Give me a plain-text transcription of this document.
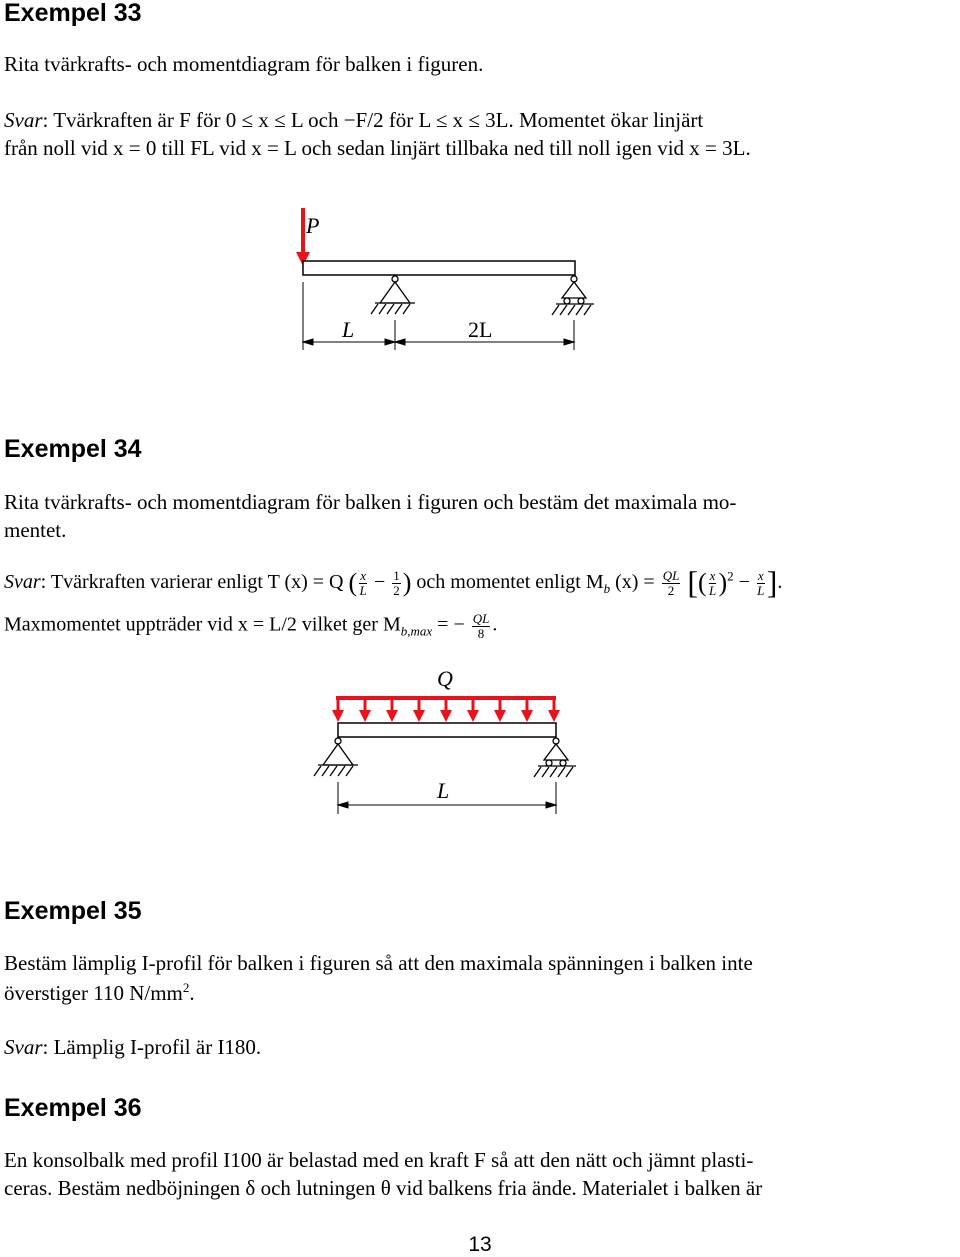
Exempel 33
Rita tvärkrafts- och momentdiagram för balken i figuren.
Svar: Tvärkraften är F för 0 ≤ x ≤ L och −F/2 för L ≤ x ≤ 3L. Momentet ökar linjärt
från noll vid x = 0 till FL vid x = L och sedan linjärt tillbaka ned till noll igen vid x = 3L.
P
L	2L
Exempel 34
Rita tvärkrafts- och momentdiagram för balken i figuren och bestäm det maximala mo-
mentet.
Svar: Tvärkraften varierar enligt T (x) = Q ( $\frac{x}{L} - \frac{1}{2}$ ) och momentet enligt $M_b$ $(x) = \frac{QL}{2}$ [( $\frac{x}{L} )^2 - \frac{x}{L}$ ].
Maxmomentet uppträder vid x = L/2 vilket ger $M_{b,max}$ = − $\frac{QL}{8}$ .
Q
L
Exempel 35
Bestäm lämplig I-profil för balken i figuren så att den maximala spänningen i balken inte
överstiger 110 $N/mm^2$.
Svar: Lämplig I-profil är I180.
Exempel 36
En konsolbalk med profil I100 är belastad med en kraft F så att den nätt och jämnt plasti-
ceras. Bestäm nedböjningen δ och lutningen θ vid balkens fria ände. Materialet i balken är
13
